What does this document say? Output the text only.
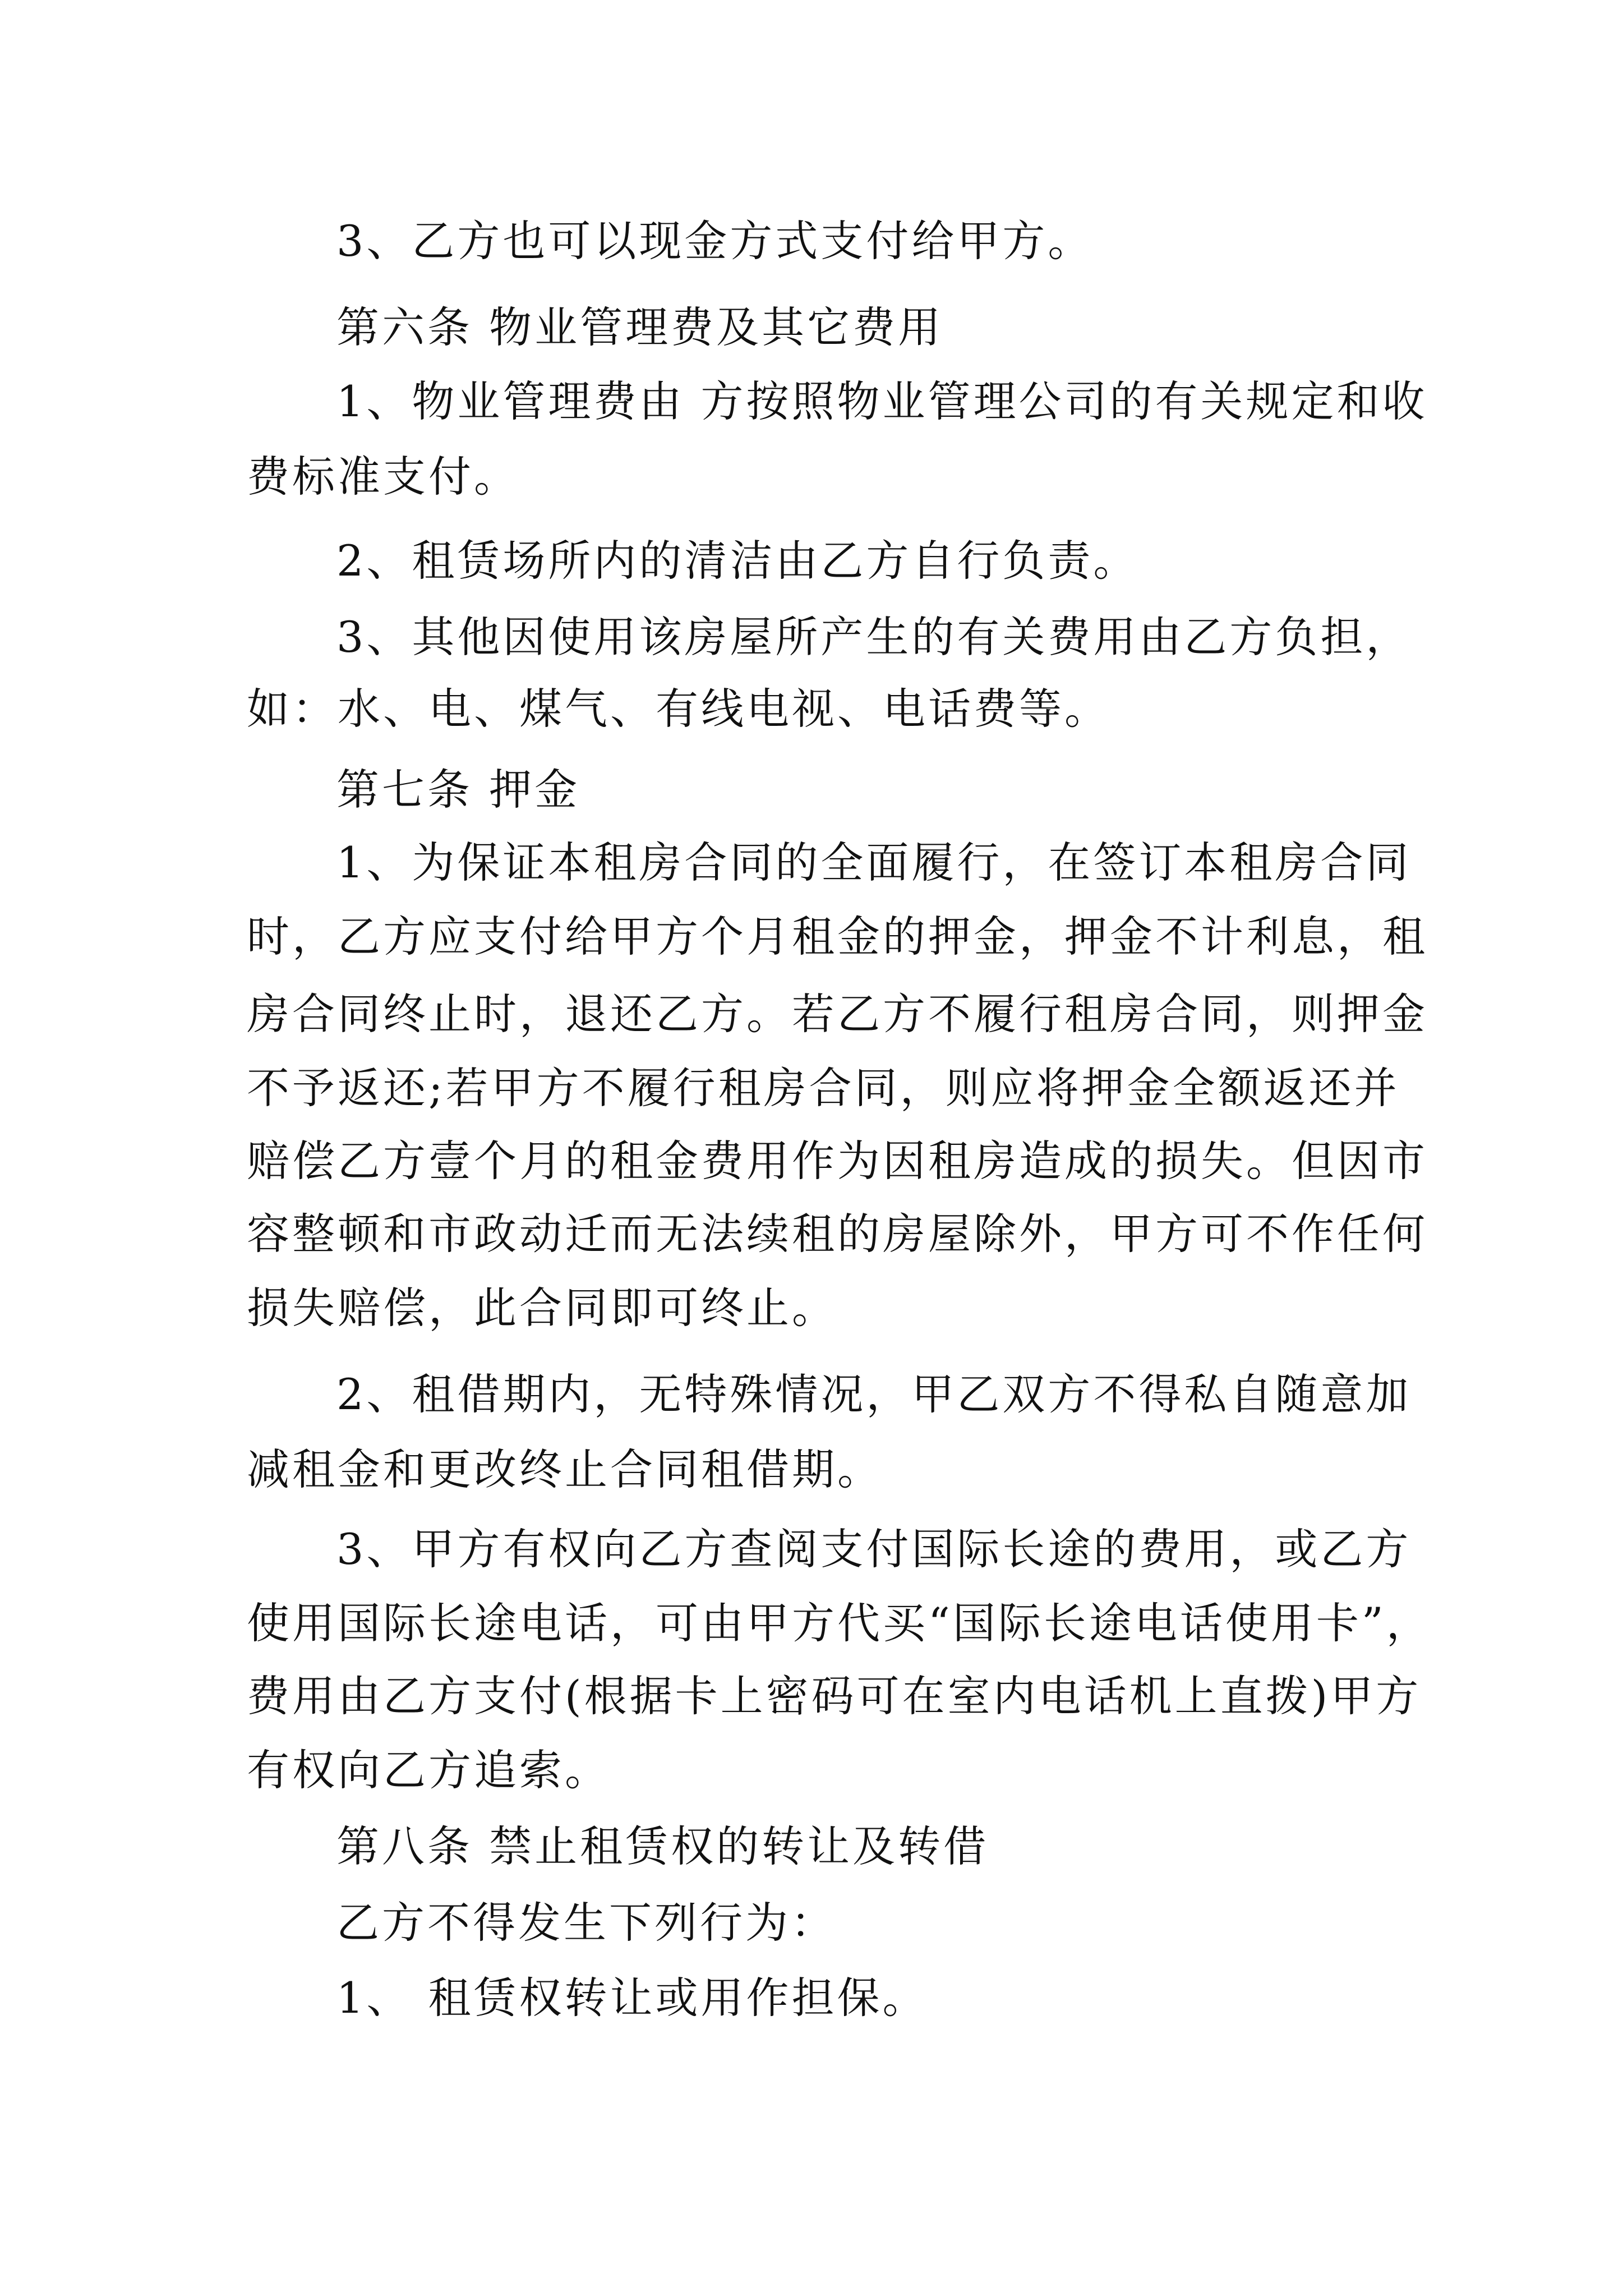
3、乙方也可以现金方式支付给甲方。
第六条 物业管理费及其它费用
1、物业管理费由 方按照物业管理公司的有关规定和收
费标准支付。
2、租赁场所内的清洁由乙方自行负责。
3、其他因使用该房屋所产生的有关费用由乙方负担，
如：水、电、煤气、有线电视、电话费等。
第七条 押金
1、为保证本租房合同的全面履行，在签订本租房合同
时，乙方应支付给甲方个月租金的押金，押金不计利息，租
房合同终止时，退还乙方。若乙方不履行租房合同，则押金
不予返还;若甲方不履行租房合同，则应将押金全额返还并
赔偿乙方壹个月的租金费用作为因租房造成的损失。但因市
容整顿和市政动迁而无法续租的房屋除外，甲方可不作任何
损失赔偿，此合同即可终止。
2、租借期内，无特殊情况，甲乙双方不得私自随意加
减租金和更改终止合同租借期。
3、甲方有权向乙方查阅支付国际长途的费用，或乙方
使用国际长途电话，可由甲方代买“国际长途电话使用卡”，
费用由乙方支付(根据卡上密码可在室内电话机上直拨)甲方
有权向乙方追索。
第八条 禁止租赁权的转让及转借
乙方不得发生下列行为：
1、 租赁权转让或用作担保。
